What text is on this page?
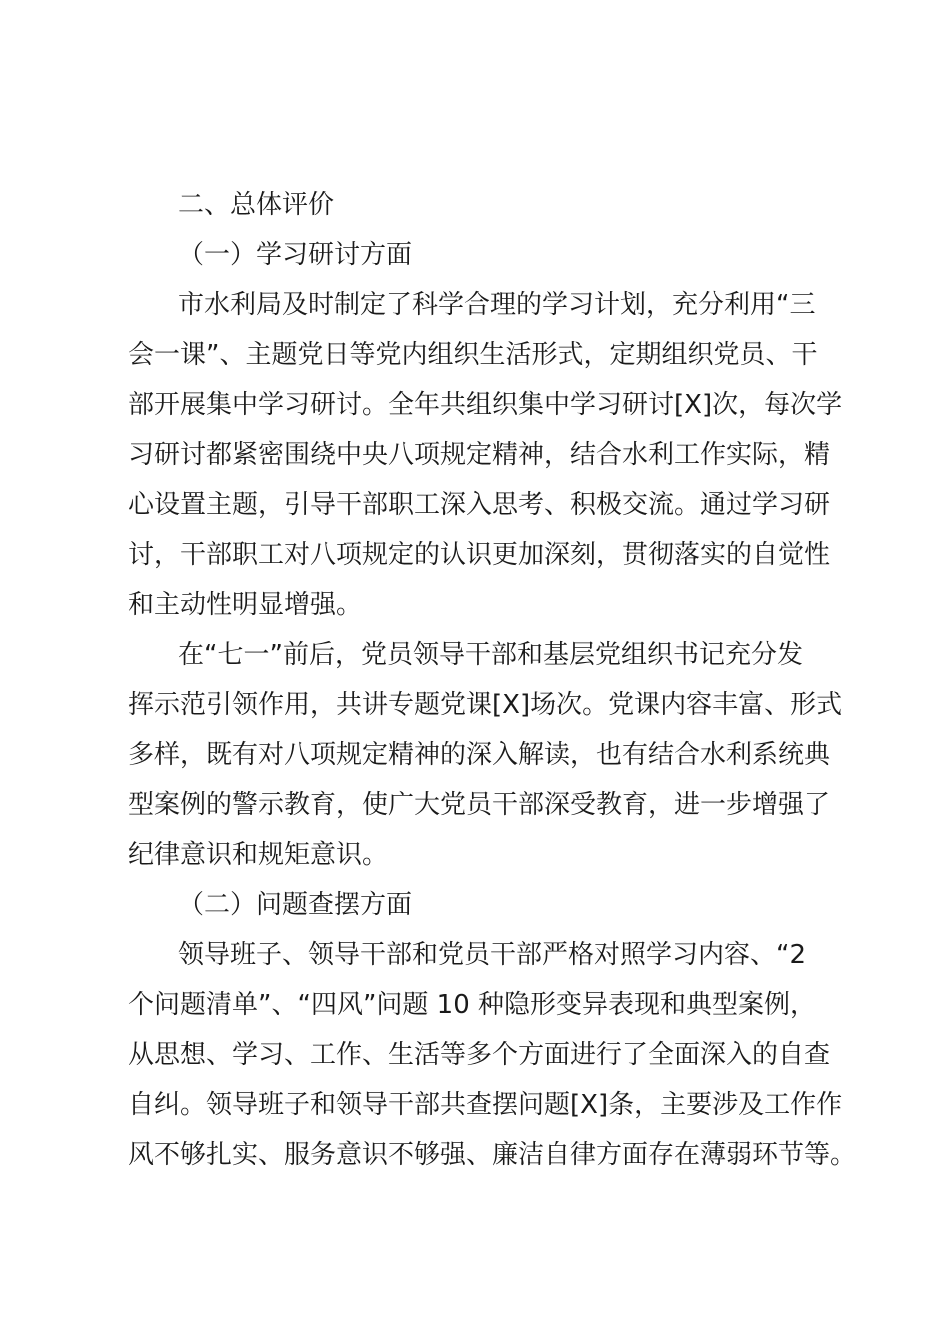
二、总体评价
（一）学习研讨方面
市水利局及时制定了科学合理的学习计划，充分利用“三
会一课”、主题党日等党内组织生活形式，定期组织党员、干
部开展集中学习研讨。全年共组织集中学习研讨[X]次，每次学
习研讨都紧密围绕中央八项规定精神，结合水利工作实际，精
心设置主题，引导干部职工深入思考、积极交流。通过学习研
讨，干部职工对八项规定的认识更加深刻，贯彻落实的自觉性
和主动性明显增强。
在“七一”前后，党员领导干部和基层党组织书记充分发
挥示范引领作用，共讲专题党课[X]场次。党课内容丰富、形式
多样，既有对八项规定精神的深入解读，也有结合水利系统典
型案例的警示教育，使广大党员干部深受教育，进一步增强了
纪律意识和规矩意识。
（二）问题查摆方面
领导班子、领导干部和党员干部严格对照学习内容、“2
个问题清单”、“四风”问题 10 种隐形变异表现和典型案例，
从思想、学习、工作、生活等多个方面进行了全面深入的自查
自纠。领导班子和领导干部共查摆问题[X]条，主要涉及工作作
风不够扎实、服务意识不够强、廉洁自律方面存在薄弱环节等。
